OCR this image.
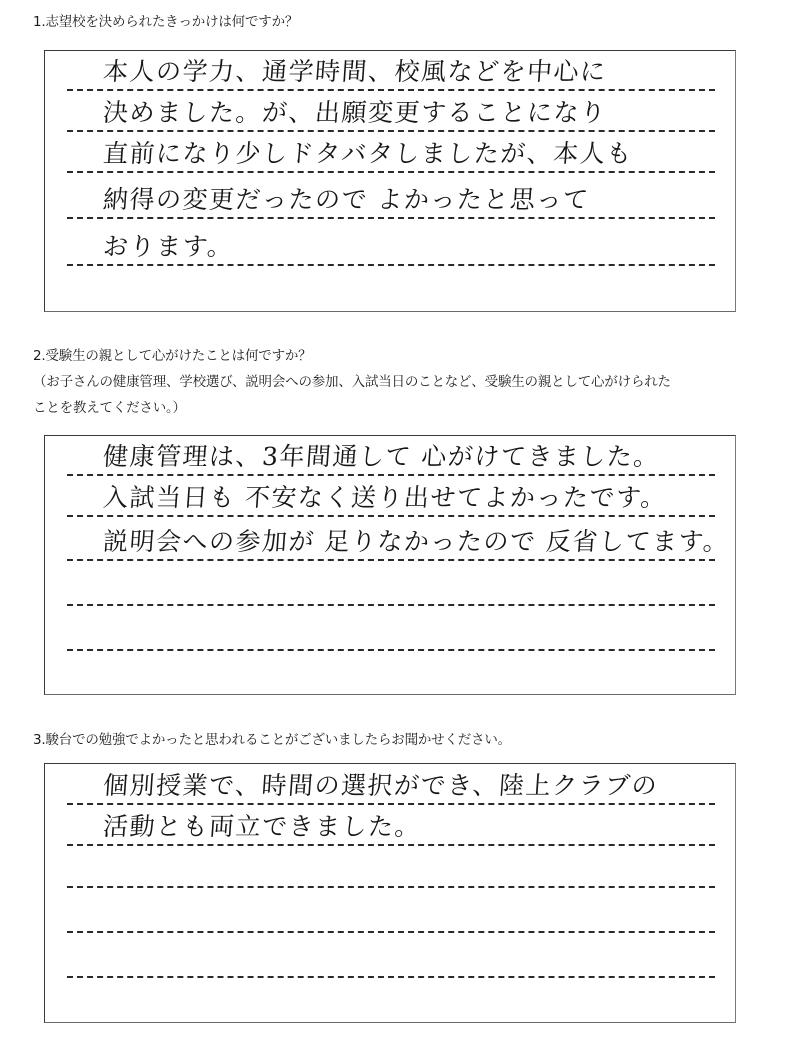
1.志望校を決められたきっかけは何ですか？
本人の学力、通学時間、校風などを中心に
決めました。が、出願変更することになり
直前になり少しドタバタしましたが、本人も
納得の変更だったので よかったと思って
おります。
2.受験生の親として心がけたことは何ですか？
（お子さんの健康管理、学校選び、説明会への参加、入試当日のことなど、受験生の親として心がけられた
ことを教えてください。）
健康管理は、3年間通して 心がけてきました。
入試当日も 不安なく送り出せてよかったです。
説明会への参加が 足りなかったので 反省してます。
3.駿台での勉強でよかったと思われることがございましたらお聞かせください。
個別授業で、時間の選択ができ、陸上クラブの
活動とも両立できました。
